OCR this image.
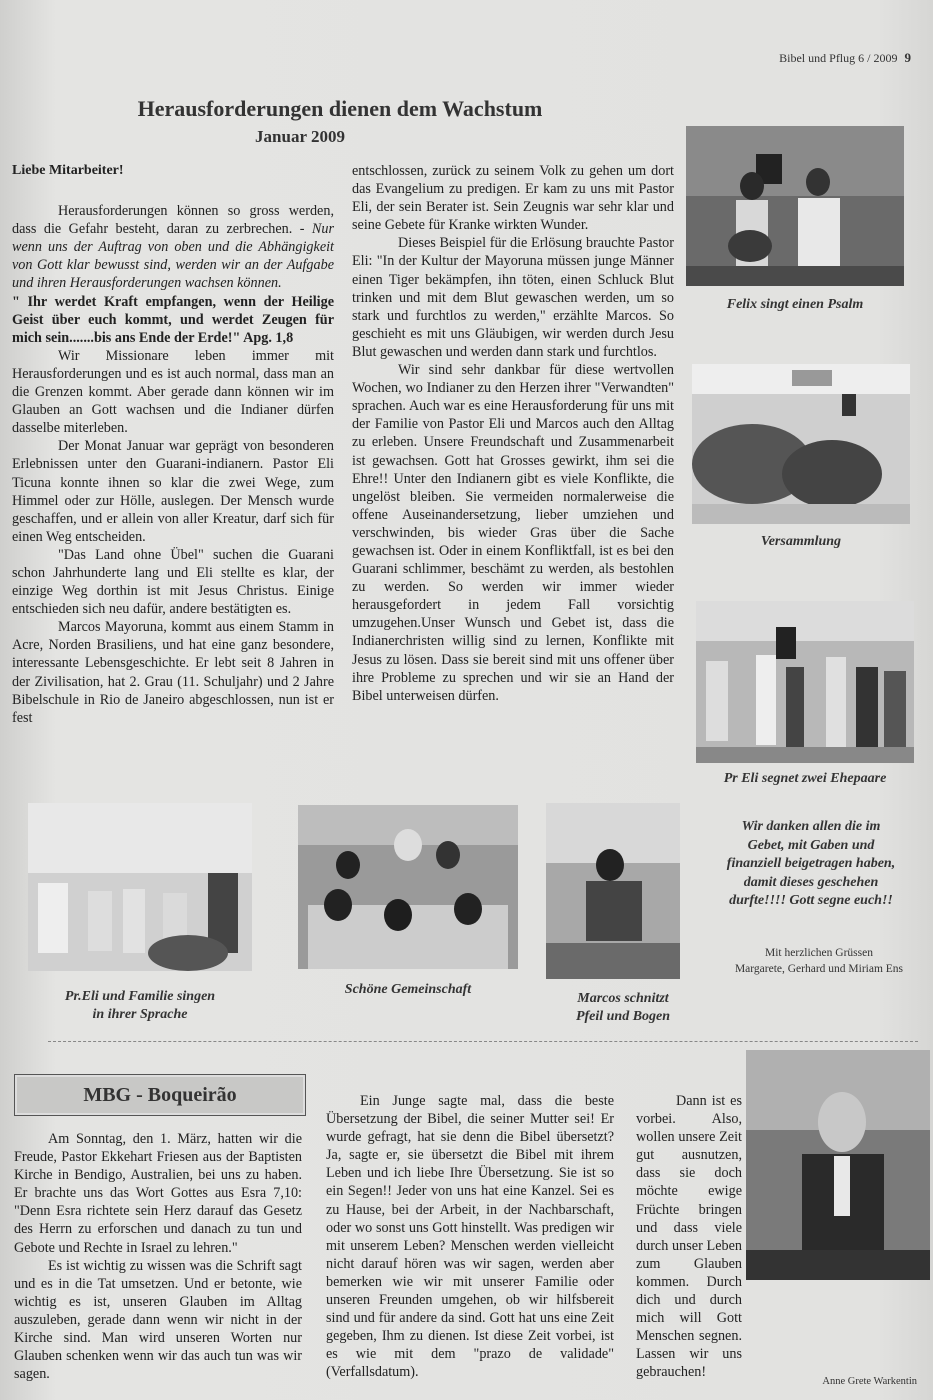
Bibel und Pflug 6 / 2009 9
Herausforderungen dienen dem Wachstum
Januar 2009

Liebe Mitarbeiter!

Herausforderungen können so gross werden, dass die Gefahr besteht, daran zu zerbrechen. - Nur wenn uns der Auftrag von oben und die Abhängigkeit von Gott klar bewusst sind, werden wir an der Aufgabe und ihren Herausforderungen wachsen können.

" Ihr werdet Kraft empfangen, wenn der Heilige Geist über euch kommt, und werdet Zeugen für mich sein.......bis ans Ende der Erde!" Apg. 1,8

Wir Missionare leben immer mit Herausforderungen und es ist auch normal, dass man an die Grenzen kommt. Aber gerade dann können wir im Glauben an Gott wachsen und die Indianer dürfen dasselbe miterleben.

Der Monat Januar war geprägt von besonderen Erlebnissen unter den Guarani-indianern. Pastor Eli Ticuna konnte ihnen so klar die zwei Wege, zum Himmel oder zur Hölle, auslegen. Der Mensch wurde geschaffen, und er allein von aller Kreatur, darf sich für einen Weg entscheiden.

"Das Land ohne Übel" suchen die Guarani schon Jahrhunderte lang und Eli stellte es klar, der einzige Weg dorthin ist mit Jesus Christus. Einige entschieden sich neu dafür, andere bestätigten es.

Marcos Mayoruna, kommt aus einem Stamm in Acre, Norden Brasiliens, und hat eine ganz besondere, interessante Lebensgeschichte. Er lebt seit 8 Jahren in der Zivilisation, hat 2. Grau (11. Schuljahr) und 2 Jahre Bibelschule in Rio de Janeiro abgeschlossen, nun ist er fest

entschlossen, zurück zu seinem Volk zu gehen um dort das Evangelium zu predigen. Er kam zu uns mit Pastor Eli, der sein Berater ist. Sein Zeugnis war sehr klar und seine Gebete für Kranke wirkten Wunder.

Dieses Beispiel für die Erlösung brauchte Pastor Eli: "In der Kultur der Mayoruna müssen junge Männer einen Tiger bekämpfen, ihn töten, einen Schluck Blut trinken und mit dem Blut gewaschen werden, um so stark und furchtlos zu werden," erzählte Marcos. So geschieht es mit uns Gläubigen, wir werden durch Jesu Blut gewaschen und werden dann stark und furchtlos.

Wir sind sehr dankbar für diese wertvollen Wochen, wo Indianer zu den Herzen ihrer "Verwandten" sprachen. Auch war es eine Herausforderung für uns mit der Familie von Pastor Eli und Marcos auch den Alltag zu erleben. Unsere Freundschaft und Zusammenarbeit ist gewachsen. Gott hat Grosses gewirkt, ihm sei die Ehre!! Unter den Indianern gibt es viele Konflikte, die ungelöst bleiben. Sie vermeiden normalerweise die offene Auseinandersetzung, lieber umziehen und verschwinden, bis wieder Gras über die Sache gewachsen ist. Oder in einem Konfliktfall, ist es bei den Guarani schlimmer, beschämt zu werden, als bestohlen zu werden. So werden wir immer wieder herausgefordert in jedem Fall vorsichtig umzugehen.Unser Wunsch und Gebet ist, dass die Indianerchristen willig sind zu lernen, Konflikte mit Jesus zu lösen. Dass sie bereit sind mit uns offener über ihre Probleme zu sprechen und wir sie an Hand der Bibel unterweisen dürfen.

Felix singt einen Psalm
Versammlung
Pr Eli segnet zwei Ehepaare
Pr.Eli und Familie singen
in ihrer Sprache
Schöne Gemeinschaft
Marcos schnitzt
Pfeil und Bogen
Wir danken allen die im
Gebet, mit Gaben und
finanziell beigetragen haben,
damit dieses geschehen
durfte!!!! Gott segne euch!!
Mit herzlichen Grüssen
Margarete, Gerhard und Miriam Ens
MBG - Boqueirão

Am Sonntag, den 1. März, hatten wir die Freude, Pastor Ekkehart Friesen aus der Baptisten Kirche in Bendigo, Australien, bei uns zu haben. Er brachte uns das Wort Gottes aus Esra 7,10: "Denn Esra richtete sein Herz darauf das Gesetz des Herrn zu erforschen und danach zu tun und Gebote und Rechte in Israel zu lehren."

Es ist wichtig zu wissen was die Schrift sagt und es in die Tat umsetzen. Und er betonte, wie wichtig es ist, unseren Glauben im Alltag auszuleben, gerade dann wenn wir nicht in der Kirche sind. Man wird unseren Worten nur Glauben schenken wenn wir das auch tun was wir sagen.

Ein Junge sagte mal, dass die beste Übersetzung der Bibel, die seiner Mutter sei! Er wurde gefragt, hat sie denn die Bibel übersetzt? Ja, sagte er, sie übersetzt die Bibel mit ihrem Leben und ich liebe Ihre Übersetzung. Sie ist so ein Segen!! Jeder von uns hat eine Kanzel. Sei es zu Hause, bei der Arbeit, in der Nachbarschaft, oder wo sonst uns Gott hinstellt. Was predigen wir mit unserem Leben? Menschen werden vielleicht nicht darauf hören was wir sagen, werden aber bemerken wie wir mit unserer Familie oder unseren Freunden umgehen, ob wir hilfsbereit sind und für andere da sind. Gott hat uns eine Zeit gegeben, Ihm zu dienen. Ist diese Zeit vorbei, ist es wie mit dem "prazo de validade" (Verfallsdatum).

Dann ist es vorbei. Also, wollen unsere Zeit gut ausnutzen, dass sie doch möchte ewige Früchte bringen und dass viele durch unser Leben zum Glauben kommen. Durch dich und durch mich will Gott Menschen segnen. Lassen wir uns gebrauchen!

Anne Grete Warkentin
